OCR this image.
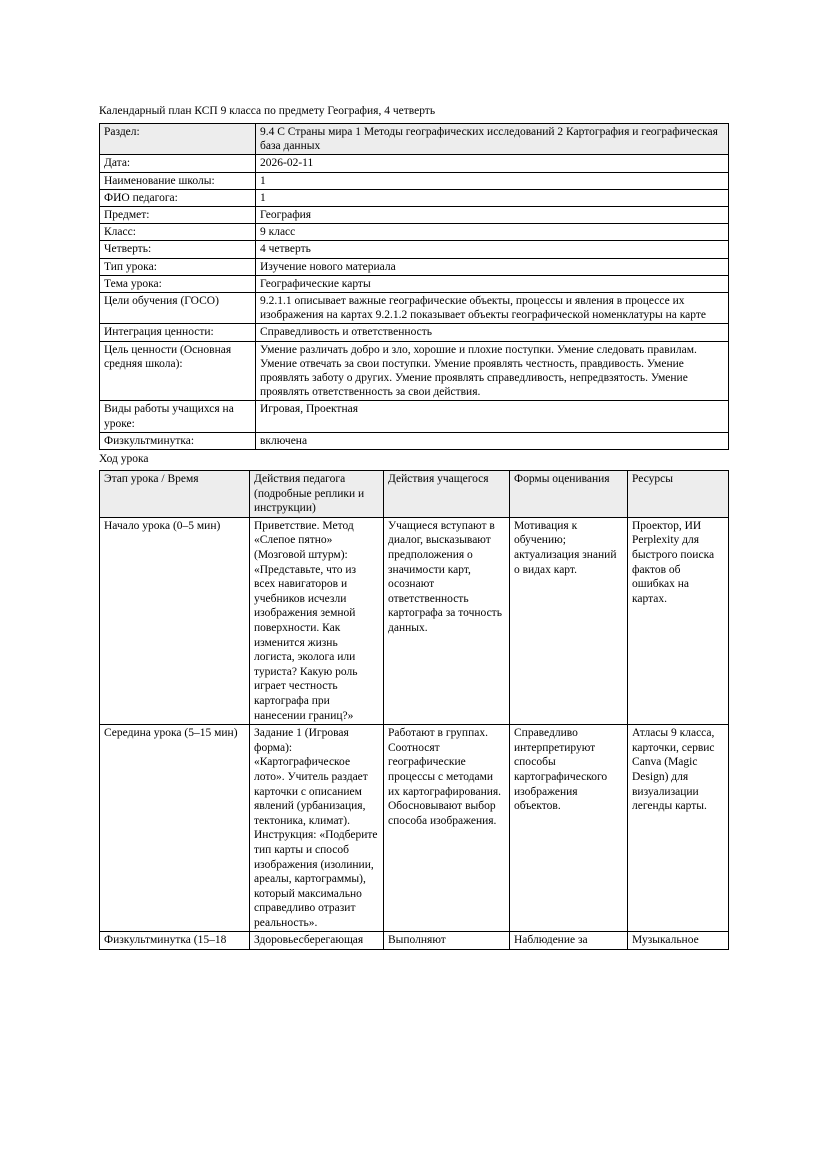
Календарный план КСП 9 класса по предмету География, 4 четверть
Раздел:	9.4 C Страны мира 1 Методы географических исследований 2 Картография и географическая база данных
Дата:	2026-02-11
Наименование школы:	1
ФИО педагога:	1
Предмет:	География
Класс:	9 класс
Четверть:	4 четверть
Тип урока:	Изучение нового материала
Тема урока:	Географические карты
Цели обучения (ГОСО)	9.2.1.1 описывает важные географические объекты, процессы и явления в процессе их изображения на картах 9.2.1.2 показывает объекты географической номенклатуры на карте
Интеграция ценности:	Справедливость и ответственность
Цель ценности (Основная средняя школа):	Умение различать добро и зло, хорошие и плохие поступки. Умение следовать правилам. Умение отвечать за свои поступки. Умение проявлять честность, правдивость. Умение проявлять заботу о других. Умение проявлять справедливость, непредвзятость. Умение проявлять ответственность за свои действия.
Виды работы учащихся на уроке:	Игровая, Проектная
Физкультминутка:	включена
Ход урока
Этап урока / Время	Действия педагога (подробные реплики и инструкции)	Действия учащегося	Формы оценивания	Ресурсы
Начало урока (0–5 мин)	Приветствие. Метод «Слепое пятно» (Мозговой штурм): «Представьте, что из всех навигаторов и учебников исчезли изображения земной поверхности. Как изменится жизнь логиста, эколога или туриста? Какую роль играет честность картографа при нанесении границ?»	Учащиеся вступают в диалог, высказывают предположения о значимости карт, осознают ответственность картографа за точность данных.	Мотивация к обучению; актуализация знаний о видах карт.	Проектор, ИИ Perplexity для быстрого поиска фактов об ошибках на картах.
Середина урока (5–15 мин)	Задание 1 (Игровая форма): «Картографическое лото». Учитель раздает карточки с описанием явлений (урбанизация, тектоника, климат). Инструкция: «Подберите тип карты и способ изображения (изолинии, ареалы, картограммы), который максимально справедливо отразит реальность».	Работают в группах. Соотносят географические процессы с методами их картографирования. Обосновывают выбор способа изображения.	Справедливо интерпретируют способы картографического изображения объектов.	Атласы 9 класса, карточки, сервис Canva (Magic Design) для визуализации легенды карты.
Физкультминутка (15–18	Здоровьесберегающая	Выполняют	Наблюдение за	Музыкальное
